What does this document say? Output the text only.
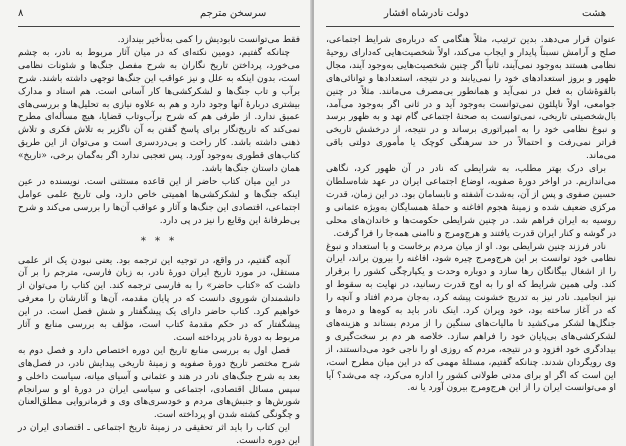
۸	سرسخن مترجم

فقط می‌توانست نابودیش را کمی به‌تأخیر بیندازد.

چنانکه گفتیم، دومین نکته‌ای که در میان آثار مربوط به نادر، به چشم می‌خورد، پرداختن تاریخ نگاران به شرح مفصل جنگ‌ها و شئونات نظامی است، بدون اینکه به علل و نیز عواقب این جنگ‌ها توجهی داشته باشند. شرح برآب و تاب جنگ‌ها و لشکرکشی‌ها کار آسانی است. هم استاد و مدارک بیشتری دربارهٔ آنها وجود دارد و هم به علاوه نیازی به تحلیل‌ها و بررسی‌های عمیق ندارد. از طرفی هم که شرح برآب‌وتاب قضایا، هیچ مسأله‌ای مطرح نمی‌کند که تاریخ‌نگار برای پاسخ گفتن به آن ناگزیر به تلاش فکری و تلاش ذهنی داشته باشد. کار راحت و بی‌دردسری است و می‌توان از این طریق کتاب‌های قطوری به‌وجود آورد. پس تعجبی ندارد اگر به‌گمان برخی، «تاریخ» همان داستان جنگ‌ها باشد.

در این میان کتاب حاضر از این قاعده مستثنی است. نویسنده در عین اینکه جنگ‌ها و لشکرکشی‌ها اهمیتی خاص دارد، ولی تاریخ علمی عوامل اجتماعی، اقتصادی این جنگ‌ها و آثار و عواقب آن‌ها را بررسی می‌کند و شرح بی‌طرفانهٔ این وقایع را نیز در پی دارد.

* * *

آنچه گفتیم، در واقع، در توجیه این ترجمه بود. یعنی نبودن یک اثر علمی مستقل، در مورد تاریخ ایران دورهٔ نادر، به زبان فارسی، مترجم را بر آن داشت که «کتاب حاضر» را به فارسی ترجمه کند. این کتاب را می‌توان از دانشمندان شوروی دانست که در پایان مقدمه، آن‌ها و آثارشان را معرفی خواهیم کرد. کتاب حاضر دارای یک پیشگفتار و شش فصل است. در این پیشگفتار که در حکم مقدمهٔ کتاب است، مؤلف به بررسی منابع و آثار مربوط به دورهٔ نادر پرداخته است.

فصل اول به بررسی منابع تاریخ این دوره اختصاص دارد و فصل دوم به شرح مختصر تاریخ دورهٔ صفویه و زمینهٔ تاریخی پیدایش نادر، در فصل‌های بعد به شرح جنگ‌های نادر در هند و عثمانی و آسیای میانه، سیاست داخلی و سپس مسائل اقتصادی، اجتماعی و سیاسی ایران در دورهٔ او و سرانجام شورش‌ها و جنبش‌های مردم و خودسری‌های وی و فرمانروایی مطلق‌العنان و چگونگی کشته شدن او پرداخته است.

این کتاب را باید اثر تحقیقی در زمینهٔ تاریخ اجتماعی ـ اقتصادی ایران در این دوره دانست.

دولت نادرشاه افشار	هشت

عنوان قرار می‌دهد. بدین ترتیب، مثلاً هنگامی که درباره‌ی شرایط اجتماعی، صلح و آرامش نسبتاً پایدار و ایجاب می‌کند، اولاً شخصیت‌هایی که‌دارای روحیهٔ نظامی هستند به‌وجود نمی‌آیند، ثانیاً اگر چنین شخصیت‌هایی به‌وجود آیند، مجال ظهور و بروز استعدادهای خود را نمی‌یابند و در نتیجه، استعدادها و توانائی‌های بالقوهٔ‌شان به فعل در نمی‌آید و همانطور بی‌مصرف می‌مانند. مثلاً در چنین جوامعی، اولاً ناپلئون نمی‌توانست به‌وجود آید و در ثانی اگر به‌وجود می‌آمد، بال‌شخصیتی تاریخی، نمی‌توانست به صحنهٔ اجتماعی گام نهد و به ظهور برسد و نبوغ نظامی خود را به امپراتوری برساند و در نتیجه، از درخشش تاریخی فراتر نمی‌رفت و احتمالاً در حد سرهنگی کوچک یا مأموری دولتی باقی می‌ماند.

برای درک بهتر مطلب، به شرایطی که نادر در آن ظهور کرد، نگاهی می‌اندازیم. در اواخر دورهٔ صفویه، اوضاع اجتماعی ایران در عهد شاه‌سلطان حسین صفوی و پس از آن، به‌شدت آشفته و نابسامان بود. در این زمان، قدرت مرکزی ضعیف شده و زمینهٔ هجوم افاغنه و حملهٔ همسایگان به‌ویژه عثمانی و روسیه به ایران فراهم شد. در چنین شرایطی حکومت‌ها و خاندان‌های محلی در گوشه و کنار ایران قدرت یافتند و هرج‌ومرج و ناامنی همه‌جا را فرا گرفت.

نادر فرزند چنین شرایطی بود. او از میان مردم برخاست و با استعداد و نبوغ نظامی خود توانست بر این هرج‌ومرج چیره شود، افاغنه را بیرون براند، ایران را از اشغال بیگانگان رها سازد و دوباره وحدت و یکپارچگی کشور را برقرار کند. ولی همین شرایط که او را به اوج قدرت رسانید، در نهایت به سقوط او نیز انجامید. نادر نیز به تدریج خشونت پیشه کرد، به‌جان مردم افتاد و آنچه را که در آغاز ساخته بود، خود ویران کرد. اینک نادر باید به کوه‌ها و دره‌ها و جنگل‌ها لشکر می‌کشید تا مالیات‌های سنگین را از مردم بستاند و هزینه‌های لشکرکشی‌های بی‌پایان خود را فراهم سازد. خلاصه هر دم بر سخت‌گیری و بیدادگری خود افزود و در نتیجه، مردم که روزی او را ناجی خود می‌دانستند، از وی رویگردان شدند. چنانکه گفتیم، مسئلهٔ مهمی که در این میان مطرح است، این است که اگر او برای مدتی طولانی کشور را اداره می‌کرد، چه می‌شد؟ آیا او می‌توانست ایران را از این هرج‌ومرج بیرون آورد یا نه.
